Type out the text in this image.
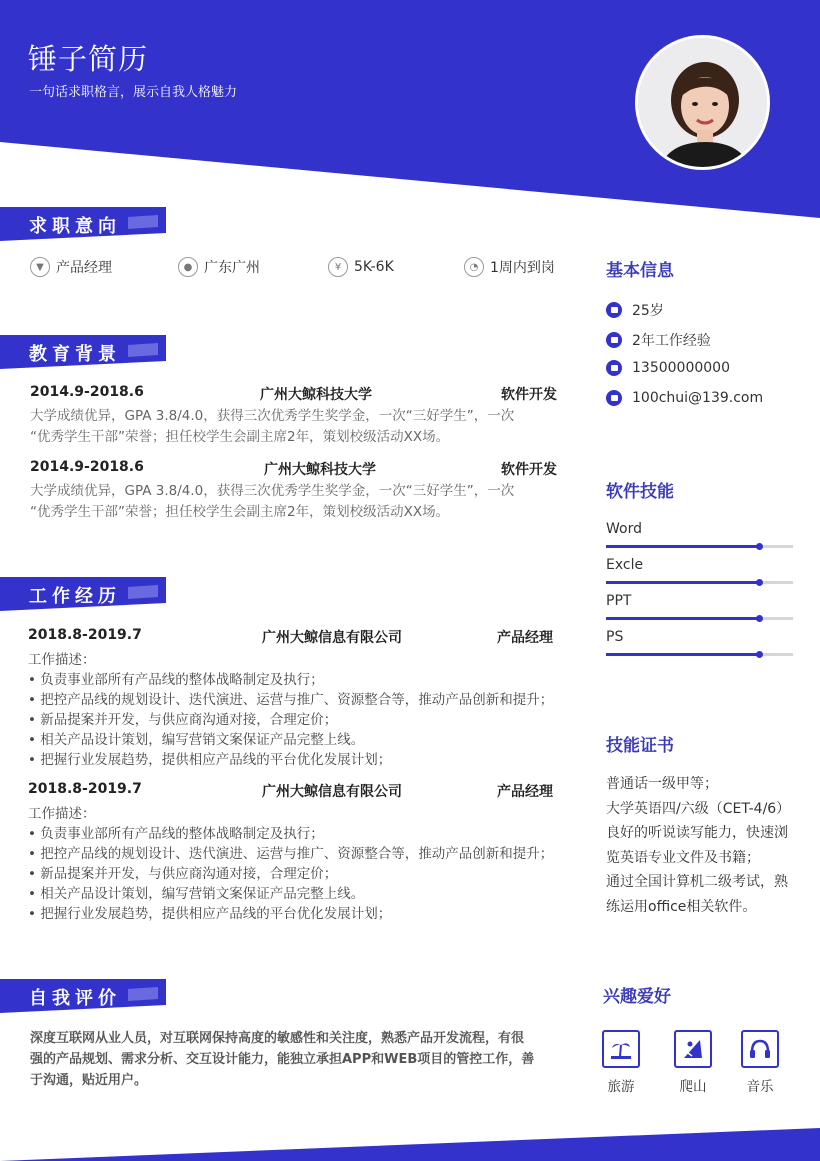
锤子简历
一句话求职格言，展示自我人格魅力
求职意向
▼ 产品经理	● 广东广州	¥ 5K-6K	◔ 1周内到岗
教育背景
2014.9-2018.6	广州大鲸科技大学	软件开发

大学成绩优异，GPA 3.8/4.0，获得三次优秀学生奖学金，一次“三好学生”，一次

“优秀学生干部”荣誉；担任校学生会副主席2年，策划校级活动XX场。

2014.9-2018.6	广州大鲸科技大学	软件开发

大学成绩优异，GPA 3.8/4.0，获得三次优秀学生奖学金，一次“三好学生”，一次

“优秀学生干部”荣誉；担任校学生会副主席2年，策划校级活动XX场。

工作经历
2018.8-2019.7	广州大鲸信息有限公司	产品经理

工作描述：

• 负责事业部所有产品线的整体战略制定及执行；

• 把控产品线的规划设计、迭代演进、运营与推广、资源整合等，推动产品创新和提升；

• 新品提案并开发，与供应商沟通对接，合理定价；

• 相关产品设计策划，编写营销文案保证产品完整上线。

• 把握行业发展趋势，提供相应产品线的平台优化发展计划；

2018.8-2019.7	广州大鲸信息有限公司	产品经理

工作描述：

• 负责事业部所有产品线的整体战略制定及执行；

• 把控产品线的规划设计、迭代演进、运营与推广、资源整合等，推动产品创新和提升；

• 新品提案并开发，与供应商沟通对接，合理定价；

• 相关产品设计策划，编写营销文案保证产品完整上线。

• 把握行业发展趋势，提供相应产品线的平台优化发展计划；

自我评价

深度互联网从业人员，对互联网保持高度的敏感性和关注度，熟悉产品开发流程，有很

强的产品规划、需求分析、交互设计能力，能独立承担APP和WEB项目的管控工作，善

于沟通，贴近用户。

基本信息
25岁
2年工作经验
13500000000
100chui@139.com
软件技能
Word
Excle
PPT
PS
技能证书

普通话一级甲等；

大学英语四/六级（CET-4/6）

良好的听说读写能力，快速浏

览英语专业文件及书籍；

通过全国计算机二级考试，熟

练运用office相关软件。

兴趣爱好
旅游	爬山	音乐
